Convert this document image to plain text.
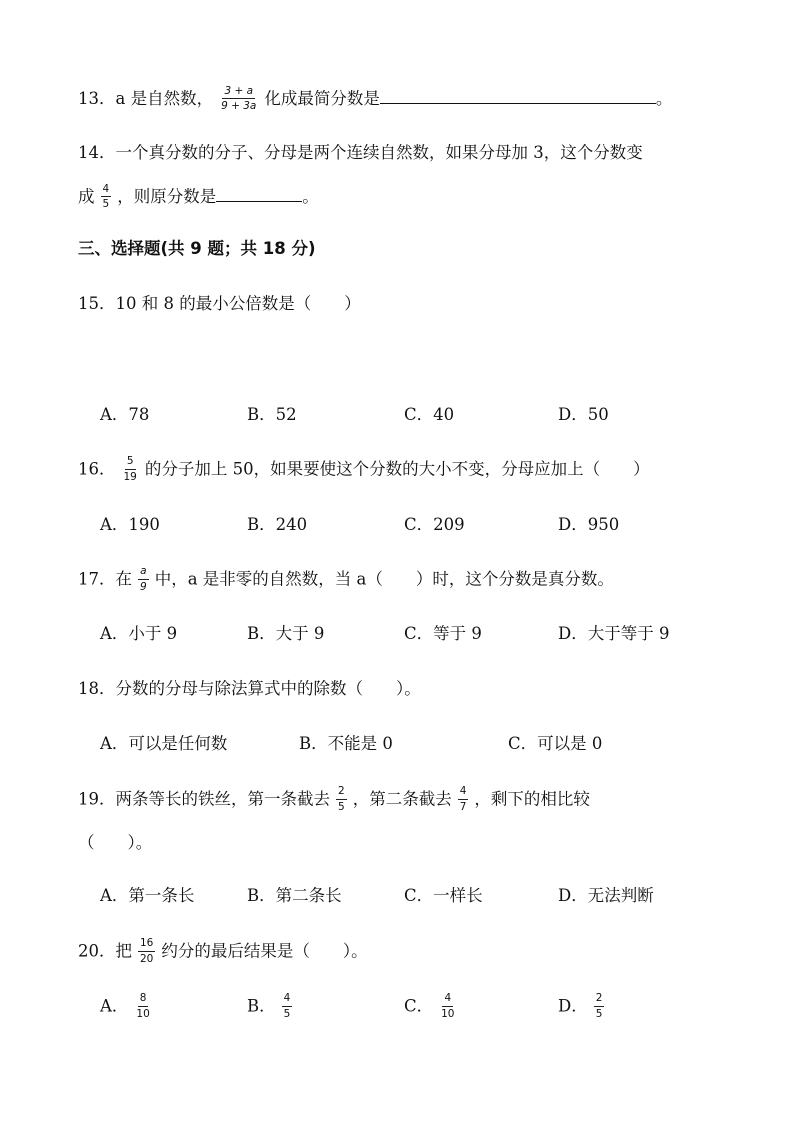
13．a 是自然数， $\frac{3 + a}{9 + 3a}$ 化成最简分数是	。
14．一个真分数的分子、分母是两个连续自然数，如果分母加 3，这个分数变
成 $\frac{4}{5}$ ，则原分数是	。
三、选择题(共 9 题；共 18 分)
15．10 和 8 的最小公倍数是（　　）
A．78	B．52	C．40	D．50
16． $\frac{5}{19}$ 的分子加上 50，如果要使这个分数的大小不变，分母应加上（　　）
A．190	B．240	C．209	D．950
17．在 $\frac{a}{9}$ 中，a 是非零的自然数，当 a（　　）时，这个分数是真分数。
A．小于 9	B．大于 9	C．等于 9	D．大于等于 9
18．分数的分母与除法算式中的除数（　　）。
A．可以是任何数	B．不能是 0	C．可以是 0
19．两条等长的铁丝，第一条截去 $\frac{2}{5}$ ，第二条截去 $\frac{4}{7}$ ，剩下的相比较
（　　）。
A．第一条长	B．第二条长	C．一样长	D．无法判断
20．把 $\frac{16}{20}$ 约分的最后结果是（　　）。
A． $\frac{8}{10}$	B． $\frac{4}{5}$	C． $\frac{4}{10}$	D． $\frac{2}{5}$
